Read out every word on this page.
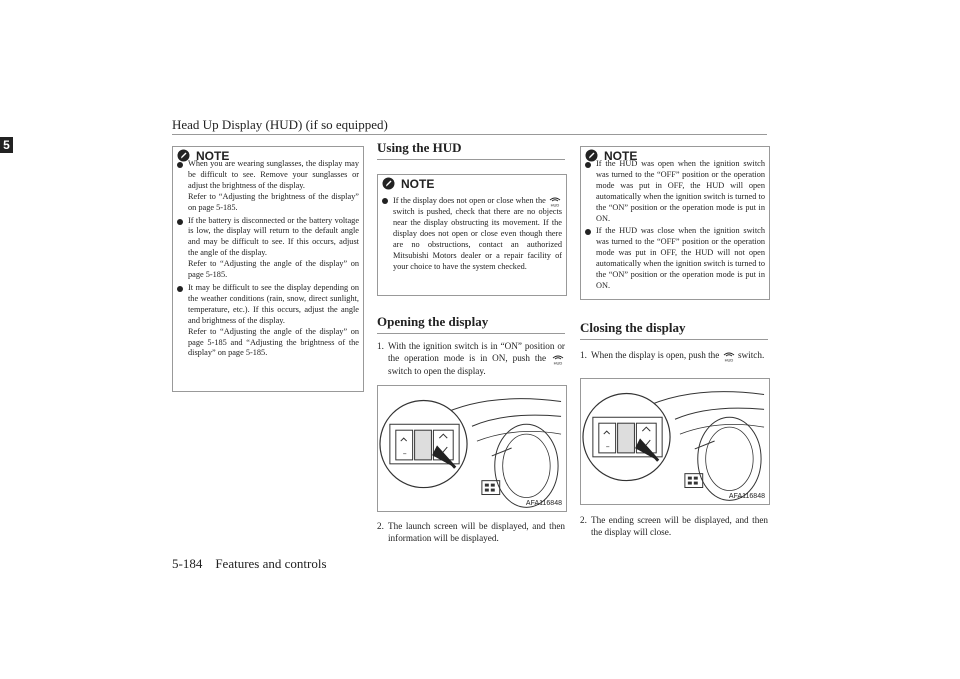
Head Up Display (HUD) (if so equipped)
5
NOTE
When you are wearing sunglasses, the display may be difficult to see. Remove your sunglasses or adjust the brightness of the display.
Refer to “Adjusting the brightness of the display” on page 5-185.
If the battery is disconnected or the battery voltage is low, the display will return to the default angle and may be difficult to see. If this occurs, adjust the angle of the display.
Refer to “Adjusting the angle of the display” on page 5-185.
It may be difficult to see the display depending on the weather conditions (rain, snow, direct sunlight, temperature, etc.). If this occurs, adjust the angle and brightness of the display.
Refer to “Adjusting the angle of the display” on page 5-185 and “Adjusting the brightness of the display” on page 5-185.
Using the HUD
NOTE
If the display does not open or close when the  switch is pushed, check that there are no objects near the display obstructing its movement. If the display does not open or close even though there are no obstructions, contact an authorized Mitsubishi Motors dealer or a repair facility of your choice to have the system checked.
Opening the display
1. With the ignition switch is in “ON” position or the operation mode is in ON, push the  switch to open the display.
AFA116848
2. The launch screen will be displayed, and then information will be displayed.
NOTE
If the HUD was open when the ignition switch was turned to the “OFF” position or the operation mode was put in OFF, the HUD will open automatically when the ignition switch is turned to the “ON” position or the operation mode is put in ON.
If the HUD was close when the ignition switch was turned to the “OFF” position or the operation mode was put in OFF, the HUD will not open automatically when the ignition switch is turned to the “ON” position or the operation mode is put in ON.
Closing the display
1. When the display is open, push the switch.
AFA116848
2. The ending screen will be displayed, and then the display will close.
5-184    Features and controls
